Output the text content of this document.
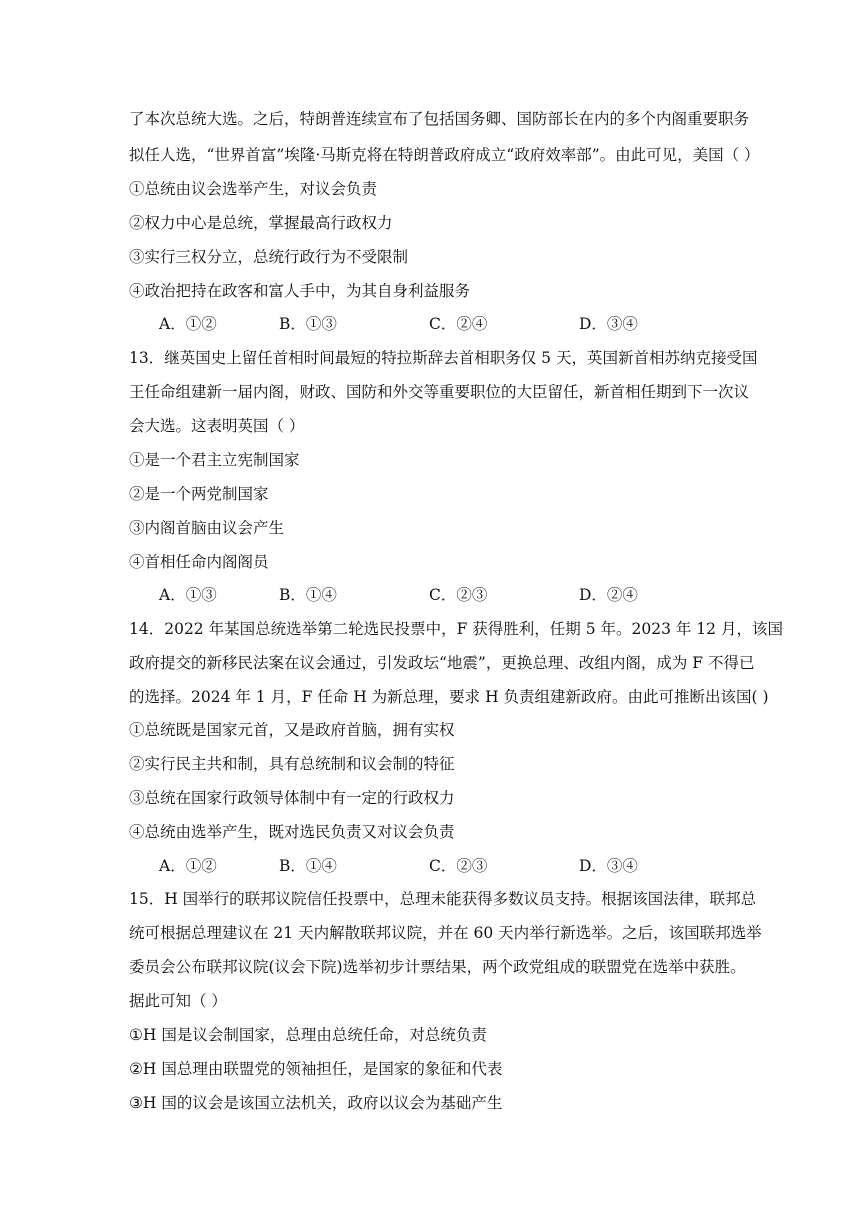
了本次总统大选。之后，特朗普连续宣布了包括国务卿、国防部长在内的多个内阁重要职务
拟任人选，“世界首富”埃隆·马斯克将在特朗普政府成立“政府效率部”。由此可见，美国（ ）
①总统由议会选举产生，对议会负责
②权力中心是总统，掌握最高行政权力
③实行三权分立，总统行政行为不受限制
④政治把持在政客和富人手中，为其自身利益服务
A．①②	B．①③	C．②④	D．③④
13．继英国史上留任首相时间最短的特拉斯辞去首相职务仅 5 天，英国新首相苏纳克接受国
王任命组建新一届内阁，财政、国防和外交等重要职位的大臣留任，新首相任期到下一次议
会大选。这表明英国（ ）
①是一个君主立宪制国家
②是一个两党制国家
③内阁首脑由议会产生
④首相任命内阁阁员
A．①③	B．①④	C．②③	D．②④
14．2022 年某国总统选举第二轮选民投票中，F 获得胜利，任期 5 年。2023 年 12 月，该国
政府提交的新移民法案在议会通过，引发政坛“地震”，更换总理、改组内阁，成为 F 不得已
的选择。2024 年 1 月，F 任命 H 为新总理，要求 H 负责组建新政府。由此可推断出该国( )
①总统既是国家元首，又是政府首脑，拥有实权
②实行民主共和制，具有总统制和议会制的特征
③总统在国家行政领导体制中有一定的行政权力
④总统由选举产生，既对选民负责又对议会负责
A．①②	B．①④	C．②③	D．③④
15．H 国举行的联邦议院信任投票中，总理未能获得多数议员支持。根据该国法律，联邦总
统可根据总理建议在 21 天内解散联邦议院，并在 60 天内举行新选举。之后，该国联邦选举
委员会公布联邦议院(议会下院)选举初步计票结果，两个政党组成的联盟党在选举中获胜。
据此可知（ ）
①H 国是议会制国家，总理由总统任命，对总统负责
②H 国总理由联盟党的领袖担任，是国家的象征和代表
③H 国的议会是该国立法机关，政府以议会为基础产生
